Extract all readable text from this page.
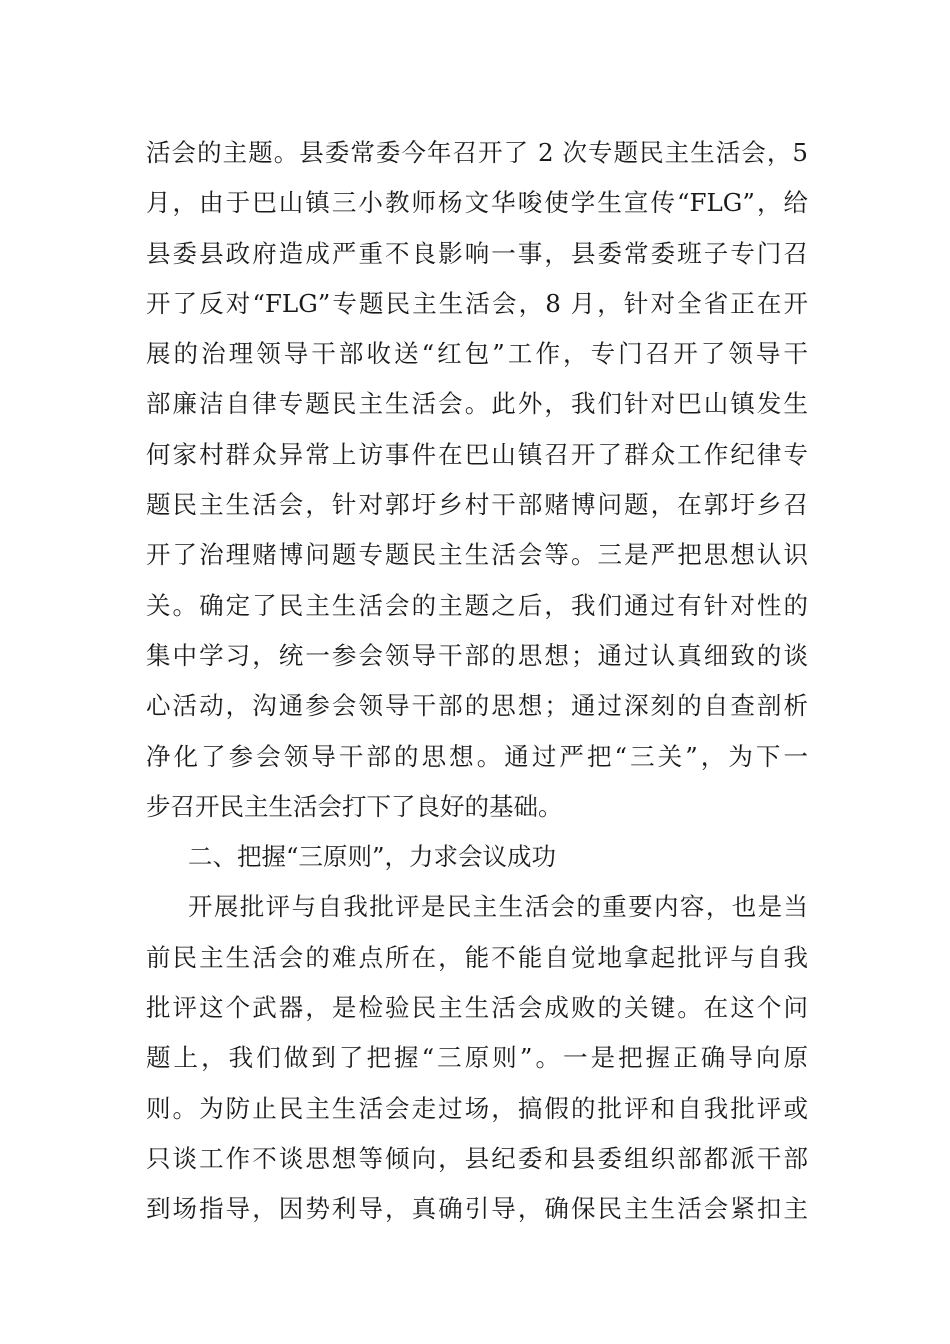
活会的主题。县委常委今年召开了 2 次专题民主生活会，5
月，由于巴山镇三小教师杨文华唆使学生宣传“FLG”，给
县委县政府造成严重不良影响一事，县委常委班子专门召
开了反对“FLG”专题民主生活会，8 月，针对全省正在开
展的治理领导干部收送“红包”工作，专门召开了领导干
部廉洁自律专题民主生活会。此外，我们针对巴山镇发生
何家村群众异常上访事件在巴山镇召开了群众工作纪律专
题民主生活会，针对郭圩乡村干部赌博问题，在郭圩乡召
开了治理赌博问题专题民主生活会等。三是严把思想认识
关。确定了民主生活会的主题之后，我们通过有针对性的
集中学习，统一参会领导干部的思想；通过认真细致的谈
心活动，沟通参会领导干部的思想；通过深刻的自查剖析
净化了参会领导干部的思想。通过严把“三关”，为下一
步召开民主生活会打下了良好的基础。
二、把握“三原则”，力求会议成功
开展批评与自我批评是民主生活会的重要内容，也是当
前民主生活会的难点所在，能不能自觉地拿起批评与自我
批评这个武器，是检验民主生活会成败的关键。在这个问
题上，我们做到了把握“三原则”。一是把握正确导向原
则。为防止民主生活会走过场，搞假的批评和自我批评或
只谈工作不谈思想等倾向，县纪委和县委组织部都派干部
到场指导，因势利导，真确引导，确保民主生活会紧扣主
